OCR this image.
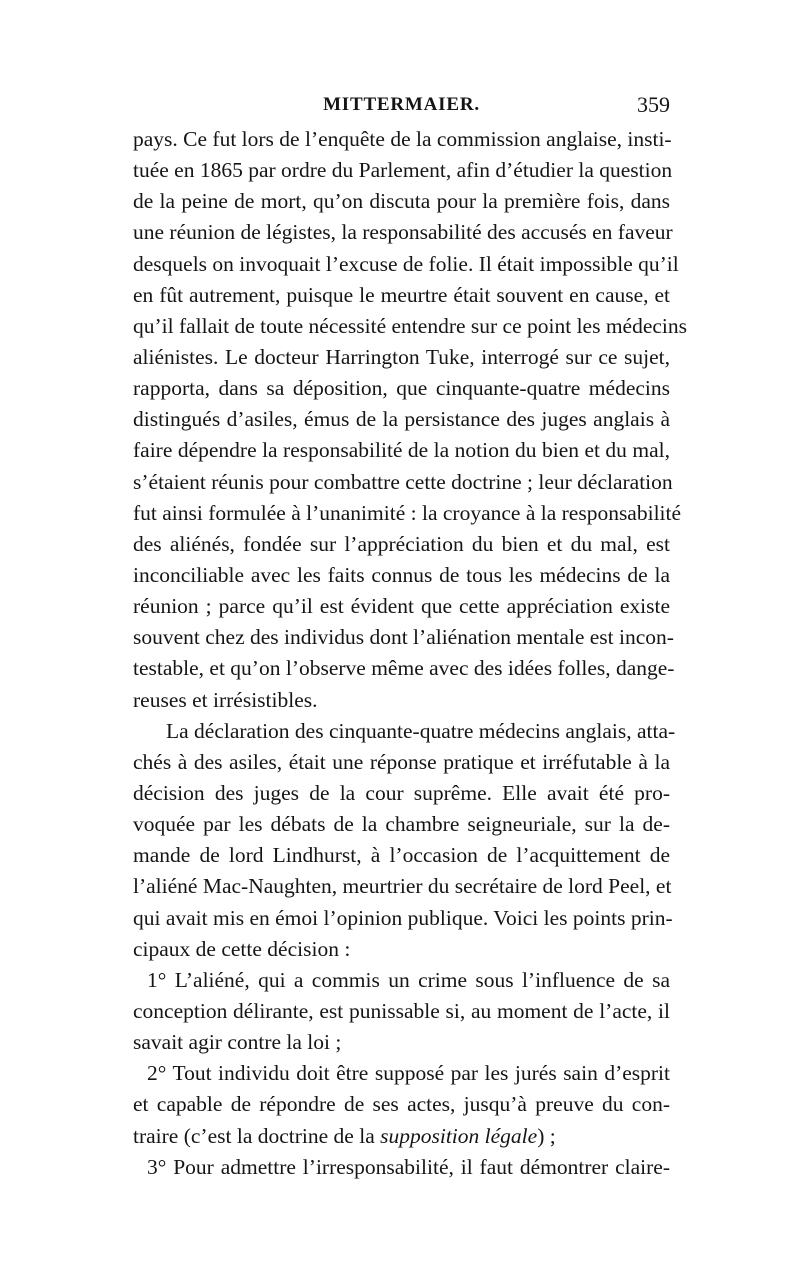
MITTERMAIER.	359
pays. Ce fut lors de l’enquête de la commission anglaise, insti-
tuée en 1865 par ordre du Parlement, afin d’étudier la question
de la peine de mort, qu’on discuta pour la première fois, dans
une réunion de légistes, la responsabilité des accusés en faveur
desquels on invoquait l’excuse de folie. Il était impossible qu’il
en fût autrement, puisque le meurtre était souvent en cause, et
qu’il fallait de toute nécessité entendre sur ce point les médecins
aliénistes. Le docteur Harrington Tuke, interrogé sur ce sujet,
rapporta, dans sa déposition, que cinquante-quatre médecins
distingués d’asiles, émus de la persistance des juges anglais à
faire dépendre la responsabilité de la notion du bien et du mal,
s’étaient réunis pour combattre cette doctrine ; leur déclaration
fut ainsi formulée à l’unanimité : la croyance à la responsabilité
des aliénés, fondée sur l’appréciation du bien et du mal, est
inconciliable avec les faits connus de tous les médecins de la
réunion ; parce qu’il est évident que cette appréciation existe
souvent chez des individus dont l’aliénation mentale est incon-
testable, et qu’on l’observe même avec des idées folles, dange-
reuses et irrésistibles.
La déclaration des cinquante-quatre médecins anglais, atta-
chés à des asiles, était une réponse pratique et irréfutable à la
décision des juges de la cour suprême. Elle avait été pro-
voquée par les débats de la chambre seigneuriale, sur la de-
mande de lord Lindhurst, à l’occasion de l’acquittement de
l’aliéné Mac-Naughten, meurtrier du secrétaire de lord Peel, et
qui avait mis en émoi l’opinion publique. Voici les points prin-
cipaux de cette décision :
1° L’aliéné, qui a commis un crime sous l’influence de sa
conception délirante, est punissable si, au moment de l’acte, il
savait agir contre la loi ;
2° Tout individu doit être supposé par les jurés sain d’esprit
et capable de répondre de ses actes, jusqu’à preuve du con-
traire (c’est la doctrine de la supposition légale) ;
3° Pour admettre l’irresponsabilité, il faut démontrer claire-
